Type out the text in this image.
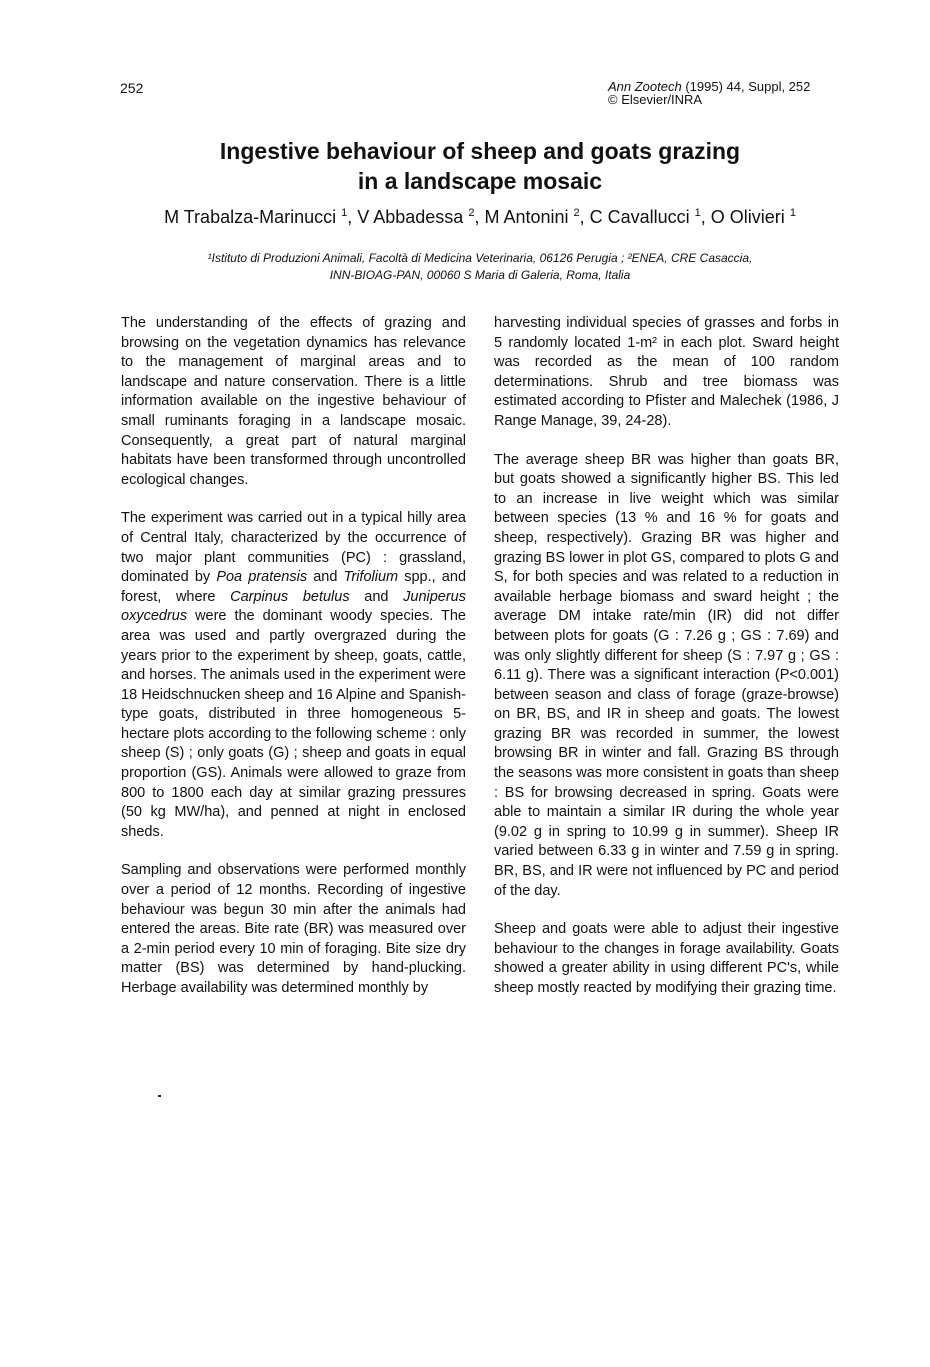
252	Ann Zootech (1995) 44, Suppl, 252
© Elsevier/INRA
Ingestive behaviour of sheep and goats grazing
in a landscape mosaic
M Trabalza-Marinucci $^1$, V Abbadessa $^2$, M Antonini $^2$, C Cavallucci $^1$, O Olivieri $^1$
¹Istituto di Produzioni Animali, Facoltà di Medicina Veterinaria, 06126 Perugia ; ²ENEA, CRE Casaccia,
INN-BIOAG-PAN, 00060 S Maria di Galeria, Roma, Italia

The understanding of the effects of grazing and browsing on the vegetation dynamics has relevance to the management of marginal areas and to landscape and nature conservation. There is a little information available on the ingestive behaviour of small ruminants foraging in a landscape mosaic. Consequently, a great part of natural marginal habitats have been transformed through uncontrolled ecological changes.

The experiment was carried out in a typical hilly area of Central Italy, characterized by the occurrence of two major plant communities (PC) : grassland, dominated by Poa pratensis and Trifolium spp., and forest, where Carpinus betulus and Juniperus oxycedrus were the dominant woody species. The area was used and partly overgrazed during the years prior to the experiment by sheep, goats, cattle, and horses. The animals used in the experiment were 18 Heidschnucken sheep and 16 Alpine and Spanish-type goats, distributed in three homogeneous 5-hectare plots according to the following scheme : only sheep (S) ; only goats (G) ; sheep and goats in equal proportion (GS). Animals were allowed to graze from 800 to 1800 each day at similar grazing pressures (50 kg MW/ha), and penned at night in enclosed sheds.

Sampling and observations were performed monthly over a period of 12 months. Recording of ingestive behaviour was begun 30 min after the animals had entered the areas. Bite rate (BR) was measured over a 2-min period every 10 min of foraging. Bite size dry matter (BS) was determined by hand-plucking. Herbage availability was determined monthly by

harvesting individual species of grasses and forbs in 5 randomly located 1-m² in each plot. Sward height was recorded as the mean of 100 random determinations. Shrub and tree biomass was estimated according to Pfister and Malechek (1986, J Range Manage, 39, 24-28).

The average sheep BR was higher than goats BR, but goats showed a significantly higher BS. This led to an increase in live weight which was similar between species (13 % and 16 % for goats and sheep, respectively). Grazing BR was higher and grazing BS lower in plot GS, compared to plots G and S, for both species and was related to a reduction in available herbage biomass and sward height ; the average DM intake rate/min (IR) did not differ between plots for goats (G : 7.26 g ; GS : 7.69) and was only slightly different for sheep (S : 7.97 g ; GS : 6.11 g). There was a significant interaction (P<0.001) between season and class of forage (graze-browse) on BR, BS, and IR in sheep and goats. The lowest grazing BR was recorded in summer, the lowest browsing BR in winter and fall. Grazing BS through the seasons was more consistent in goats than sheep : BS for browsing decreased in spring. Goats were able to maintain a similar IR during the whole year (9.02 g in spring to 10.99 g in summer). Sheep IR varied between 6.33 g in winter and 7.59 g in spring. BR, BS, and IR were not influenced by PC and period of the day.

Sheep and goats were able to adjust their ingestive behaviour to the changes in forage availability. Goats showed a greater ability in using different PC's, while sheep mostly reacted by modifying their grazing time.
